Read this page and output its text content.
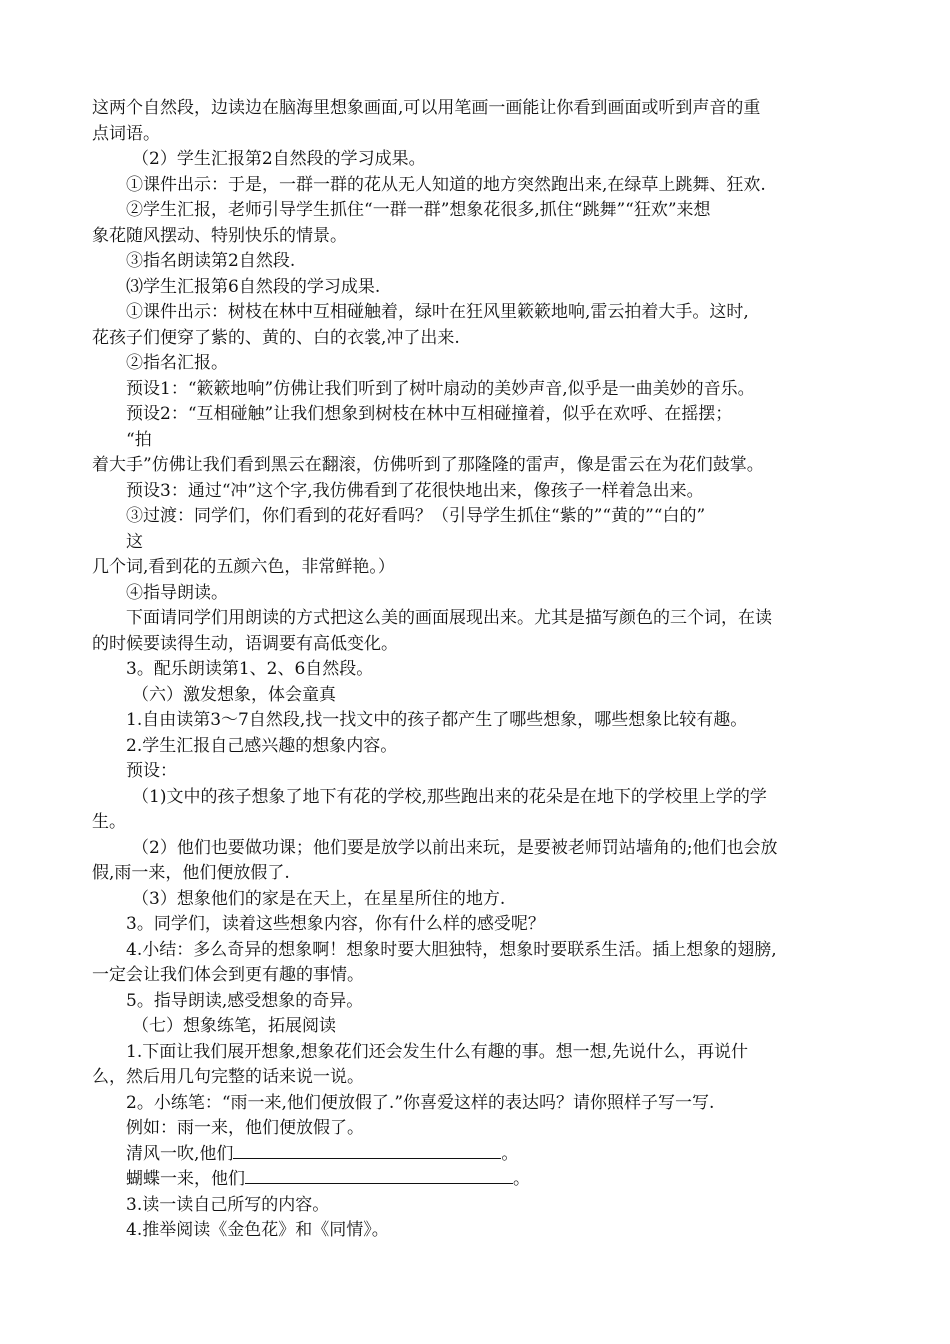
这两个自然段，边读边在脑海里想象画面,可以用笔画一画能让你看到画面或听到声音的重
点词语。
（2）学生汇报第2自然段的学习成果。
①课件出示：于是，一群一群的花从无人知道的地方突然跑出来,在绿草上跳舞、狂欢.
②学生汇报，老师引导学生抓住“一群一群”想象花很多,抓住“跳舞”“狂欢”来想
象花随风摆动、特别快乐的情景。
③指名朗读第2自然段.
⑶学生汇报第6自然段的学习成果.
①课件出示：树枝在林中互相碰触着，绿叶在狂风里簌簌地响,雷云拍着大手。这时,
花孩子们便穿了紫的、黄的、白的衣裳,冲了出来.
②指名汇报。
预设1：“簌簌地响”仿佛让我们听到了树叶扇动的美妙声音,似乎是一曲美妙的音乐。
预设2：“互相碰触”让我们想象到树枝在林中互相碰撞着，似乎在欢呼、在摇摆；
“拍
着大手”仿佛让我们看到黑云在翻滚，仿佛听到了那隆隆的雷声，像是雷云在为花们鼓掌。
预设3：通过“冲”这个字,我仿佛看到了花很快地出来，像孩子一样着急出来。
③过渡：同学们，你们看到的花好看吗？（引导学生抓住“紫的”“黄的”“白的”
这
几个词,看到花的五颜六色，非常鲜艳。）
④指导朗读。
下面请同学们用朗读的方式把这么美的画面展现出来。尤其是描写颜色的三个词，在读
的时候要读得生动，语调要有高低变化。
3。配乐朗读第1、2、6自然段。
（六）激发想象，体会童真
1.自由读第3～7自然段,找一找文中的孩子都产生了哪些想象，哪些想象比较有趣。
2.学生汇报自己感兴趣的想象内容。
预设：
（1)文中的孩子想象了地下有花的学校,那些跑出来的花朵是在地下的学校里上学的学
生。
（2）他们也要做功课；他们要是放学以前出来玩，是要被老师罚站墙角的;他们也会放
假,雨一来，他们便放假了.
（3）想象他们的家是在天上，在星星所住的地方.
3。同学们，读着这些想象内容，你有什么样的感受呢？
4.小结：多么奇异的想象啊！想象时要大胆独特，想象时要联系生活。插上想象的翅膀,
一定会让我们体会到更有趣的事情。
5。指导朗读,感受想象的奇异。
（七）想象练笔，拓展阅读
1.下面让我们展开想象,想象花们还会发生什么有趣的事。想一想,先说什么，再说什
么，然后用几句完整的话来说一说。
2。小练笔：“雨一来,他们便放假了.”你喜爱这样的表达吗？请你照样子写一写.
例如：雨一来，他们便放假了。
清风一吹,他们	。
蝴蝶一来，他们	。
3.读一读自己所写的内容。
4.推举阅读《金色花》和《同情》。
